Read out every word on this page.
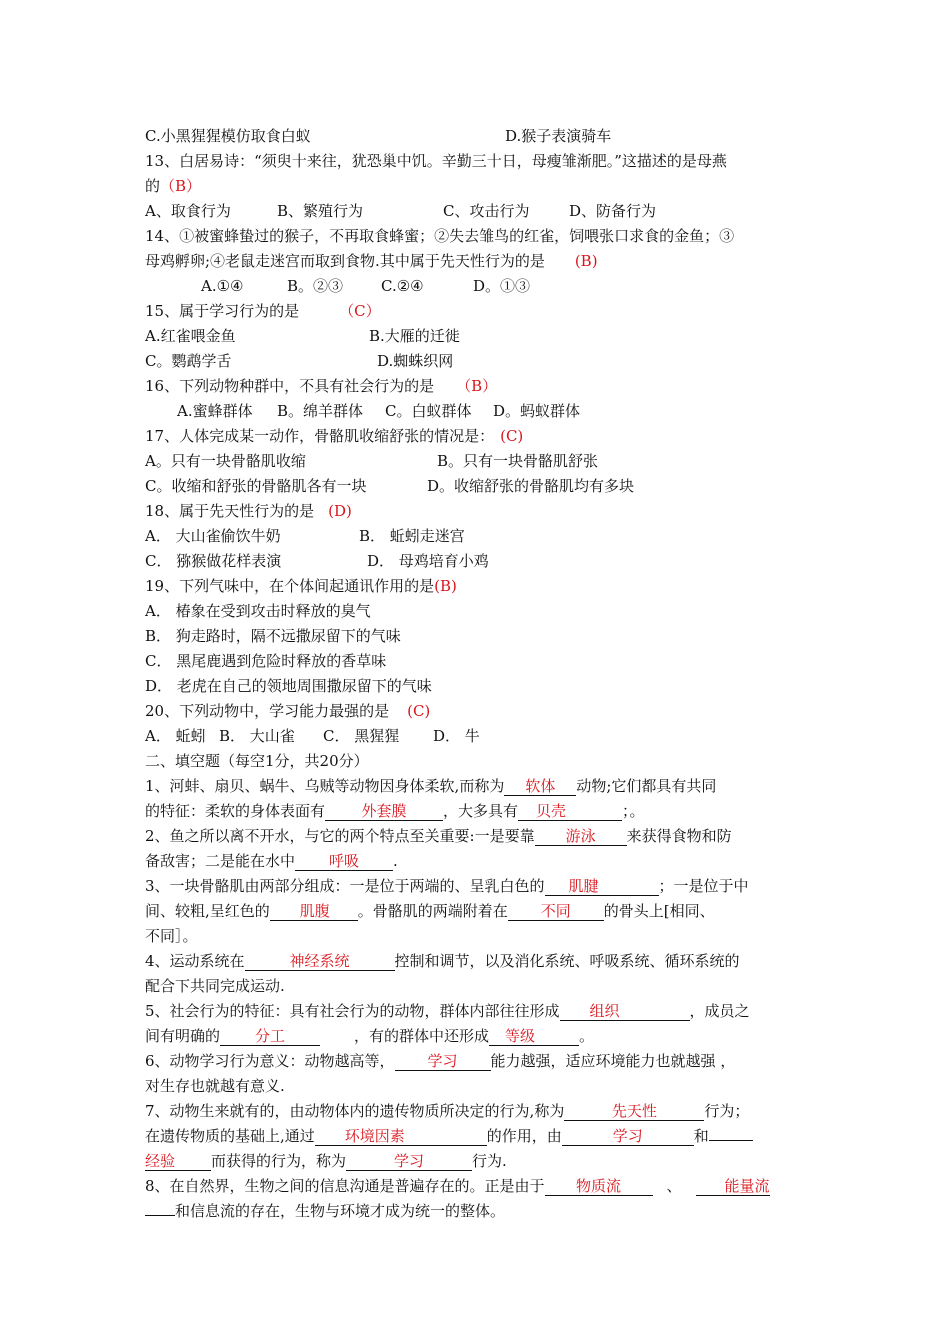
C.小黑猩猩模仿取食白蚁	D.猴子表演骑车
13、白居易诗：“须臾十来往，犹恐巢中饥。辛勤三十日，母瘦雏渐肥。”这描述的是母燕
的（B）
A、取食行为	B、繁殖行为	C、攻击行为	D、防备行为
14、①被蜜蜂蛰过的猴子，不再取食蜂蜜；②失去雏鸟的红雀，饲喂张口求食的金鱼；③
母鸡孵卵;④老鼠走迷宫而取到食物.其中属于先天性行为的是 (B)
A.①④	B。②③	C.②④	D。①③
15、属于学习行为的是	（C）
A.红雀喂金鱼	B.大雁的迁徙
C。鹦鹉学舌	D.蜘蛛织网
16、下列动物种群中，不具有社会行为的是 （B）
A.蜜蜂群体 B。绵羊群体 C。白蚁群体 D。蚂蚁群体
17、人体完成某一动作，骨骼肌收缩舒张的情况是： (C)
A。只有一块骨骼肌收缩	B。只有一块骨骼肌舒张
C。收缩和舒张的骨骼肌各有一块	D。收缩舒张的骨骼肌均有多块
18、属于先天性行为的是 (D)
A． 大山雀偷饮牛奶	B． 蚯蚓走迷宫
C． 猕猴做花样表演	D． 母鸡培育小鸡
19、下列气味中，在个体间起通讯作用的是(B)
A． 椿象在受到攻击时释放的臭气
B． 狗走路时，隔不远撒尿留下的气味
C． 黑尾鹿遇到危险时释放的香草味
D． 老虎在自己的领地周围撒尿留下的气味
20、下列动物中，学习能力最强的是 (C)
A． 蚯蚓 B． 大山雀 C． 黑猩猩 D． 牛
二、填空题（每空1分，共20分）
1、河蚌、扇贝、蜗牛、乌贼等动物因身体柔软,而称为 软体 动物;它们都具有共同
的特征：柔软的身体表面有 外套膜 ，大多具有 贝壳	；。
2、鱼之所以离不开水，与它的两个特点至关重要:一是要靠 游泳 来获得食物和防
备敌害；二是能在水中 呼吸 .
3、一块骨骼肌由两部分组成：一是位于两端的、呈乳白色的 肌腱	；一是位于中
间、较粗,呈红色的 肌腹 。骨骼肌的两端附着在 不同 的骨头上[相同、
不同］。
4、运动系统在	神经系统	控制和调节，以及消化系统、呼吸系统、循环系统的
配合下共同完成运动.
5、社会行为的特征：具有社会行为的动物，群体内部往往形成 组织	，成员之
间有明确的 分工	，有的群体中还形成 等级	。
6、动物学习行为意义：动物越高等， 学习 能力越强，适应环境能力也就越强 ，
对生存也就越有意义.
7、动物生来就有的，由动物体内的遗传物质所决定的行为,称为	先天性	行为；
在遗传物质的基础上,通过 环境因素	的作用，由	学习	和
经验 而获得的行为，称为	学习	行为.
8、在自然界，生物之间的信息沟通是普遍存在的。正是由于 物质流	、	能量流
和信息流的存在，生物与环境才成为统一的整体。
